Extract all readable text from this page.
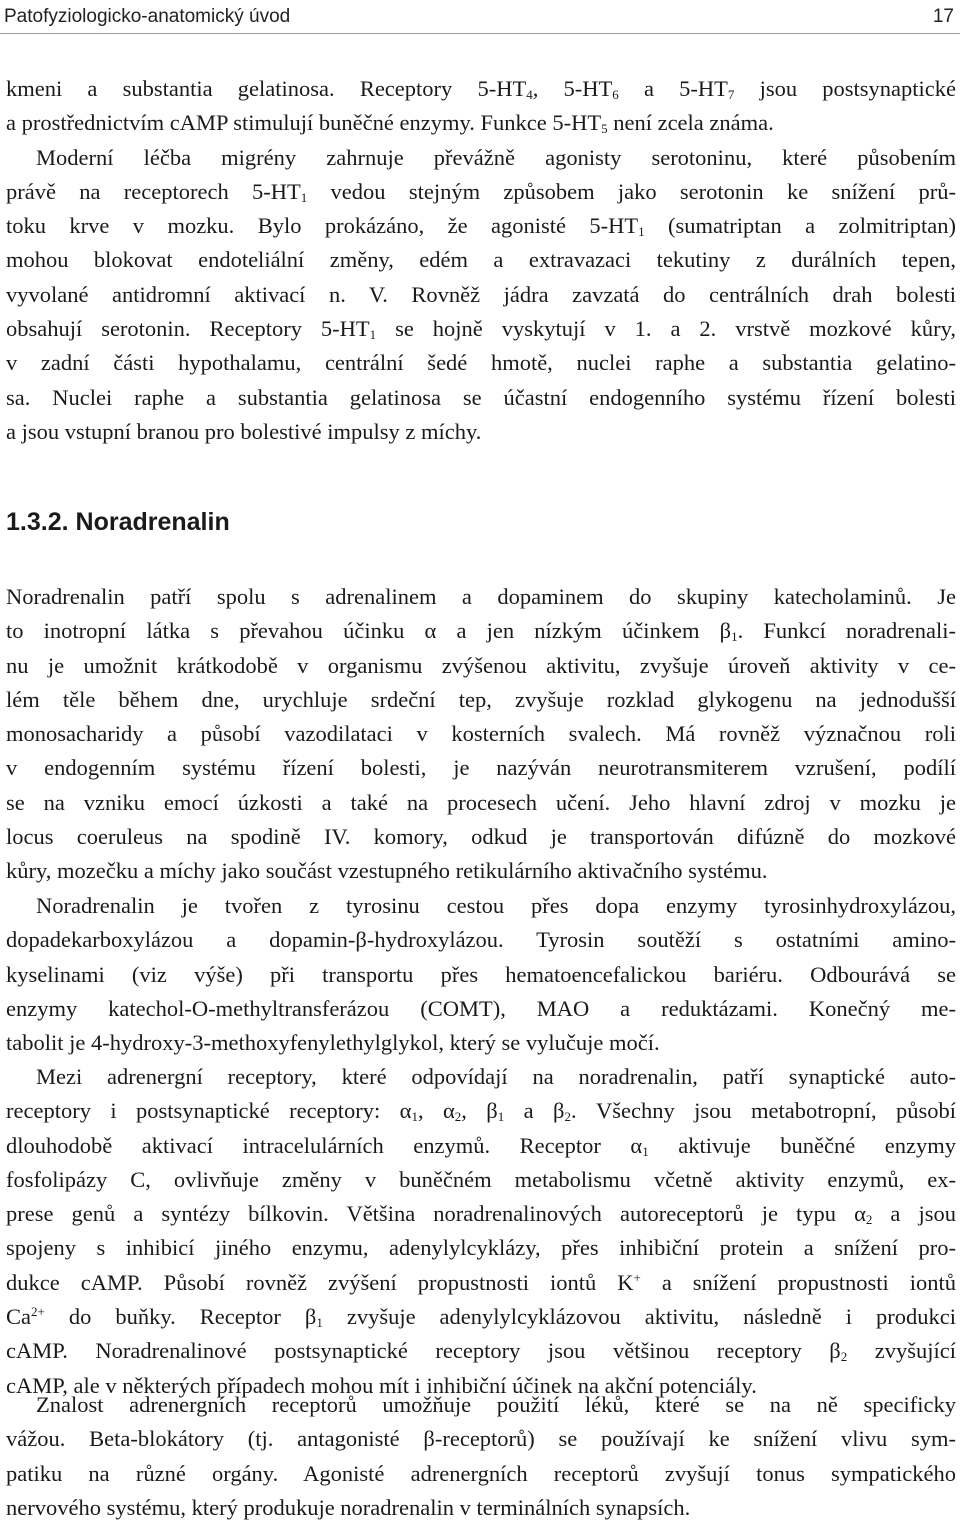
Patofyziologicko-anatomický úvod	17

kmeni a substantia gelatinosa. Receptory $5-HT_4$, $5-HT_6$ a $5-HT_7$ jsou postsynaptické
a prostřednictvím cAMP stimulují buněčné enzymy. Funkce $5-HT_5$ není zcela známa.
Moderní léčba migrény zahrnuje převážně agonisty serotoninu, které působením
právě na receptorech $5-HT_1$ vedou stejným způsobem jako serotonin ke snížení prů-
toku krve v mozku. Bylo prokázáno, že agonisté $5-HT_1$ (sumatriptan a zolmitriptan)
mohou blokovat endoteliální změny, edém a extravazaci tekutiny z durálních tepen,
vyvolané antidromní aktivací n. V. Rovněž jádra zavzatá do centrálních drah bolesti
obsahují serotonin. Receptory $5-HT_1$ se hojně vyskytují v 1. a 2. vrstvě mozkové kůry,
v zadní části hypothalamu, centrální šedé hmotě, nuclei raphe a substantia gelatino-
sa. Nuclei raphe a substantia gelatinosa se účastní endogenního systému řízení bolesti
a jsou vstupní branou pro bolestivé impulsy z míchy.

1.3.2. Noradrenalin

Noradrenalin patří spolu s adrenalinem a dopaminem do skupiny katecholaminů. Je
to inotropní látka s převahou účinku α a jen nízkým účinkem $\beta_1$. Funkcí noradrenali-
nu je umožnit krátkodobě v organismu zvýšenou aktivitu, zvyšuje úroveň aktivity v ce-
lém těle během dne, urychluje srdeční tep, zvyšuje rozklad glykogenu na jednodušší
monosacharidy a působí vazodilataci v kosterních svalech. Má rovněž význačnou roli
v endogenním systému řízení bolesti, je nazýván neurotransmiterem vzrušení, podílí
se na vzniku emocí úzkosti a také na procesech učení. Jeho hlavní zdroj v mozku je
locus coeruleus na spodině IV. komory, odkud je transportován difúzně do mozkové
kůry, mozečku a míchy jako součást vzestupného retikulárního aktivačního systému.

Noradrenalin je tvořen z tyrosinu cestou přes dopa enzymy tyrosinhydroxylázou,
dopadekarboxylázou a dopamin-β-hydroxylázou. Tyrosin soutěží s ostatními amino-
kyselinami (viz výše) při transportu přes hematoencefalickou bariéru. Odbourává se
enzymy katechol-O-methyltransferázou (COMT), MAO a reduktázami. Konečný me-
tabolit je 4-hydroxy-3-methoxyfenylethylglykol, který se vylučuje močí.

Mezi adrenergní receptory, které odpovídají na noradrenalin, patří synaptické auto-
receptory i postsynaptické receptory: $\alpha_1$, $\alpha_2$, $\beta_1$ a $\beta_2$. Všechny jsou metabotropní, působí
dlouhodobě aktivací intracelulárních enzymů. Receptor $\alpha_1$ aktivuje buněčné enzymy
fosfolipázy C, ovlivňuje změny v buněčném metabolismu včetně aktivity enzymů, ex-
prese genů a syntézy bílkovin. Většina noradrenalinových autoreceptorů je typu $\alpha_2$ a jsou
spojeny s inhibicí jiného enzymu, adenylylcyklázy, přes inhibiční protein a snížení pro-
dukce cAMP. Působí rovněž zvýšení propustnosti iontů K+ a snížení propustnosti iontů
$Ca^{2+}$ do buňky. Receptor $\beta_1$ zvyšuje adenylylcyklázovou aktivitu, následně i produkci
cAMP. Noradrenalinové postsynaptické receptory jsou většinou receptory $\beta_2$ zvyšující
cAMP, ale v některých případech mohou mít i inhibiční účinek na akční potenciály.

Znalost adrenergních receptorů umožňuje použití léků, které se na ně specificky
vážou. Beta-blokátory (tj. antagonisté β-receptorů) se používají ke snížení vlivu sym-
patiku na různé orgány. Agonisté adrenergních receptorů zvyšují tonus sympatického
nervového systému, který produkuje noradrenalin v terminálních synapsích.
